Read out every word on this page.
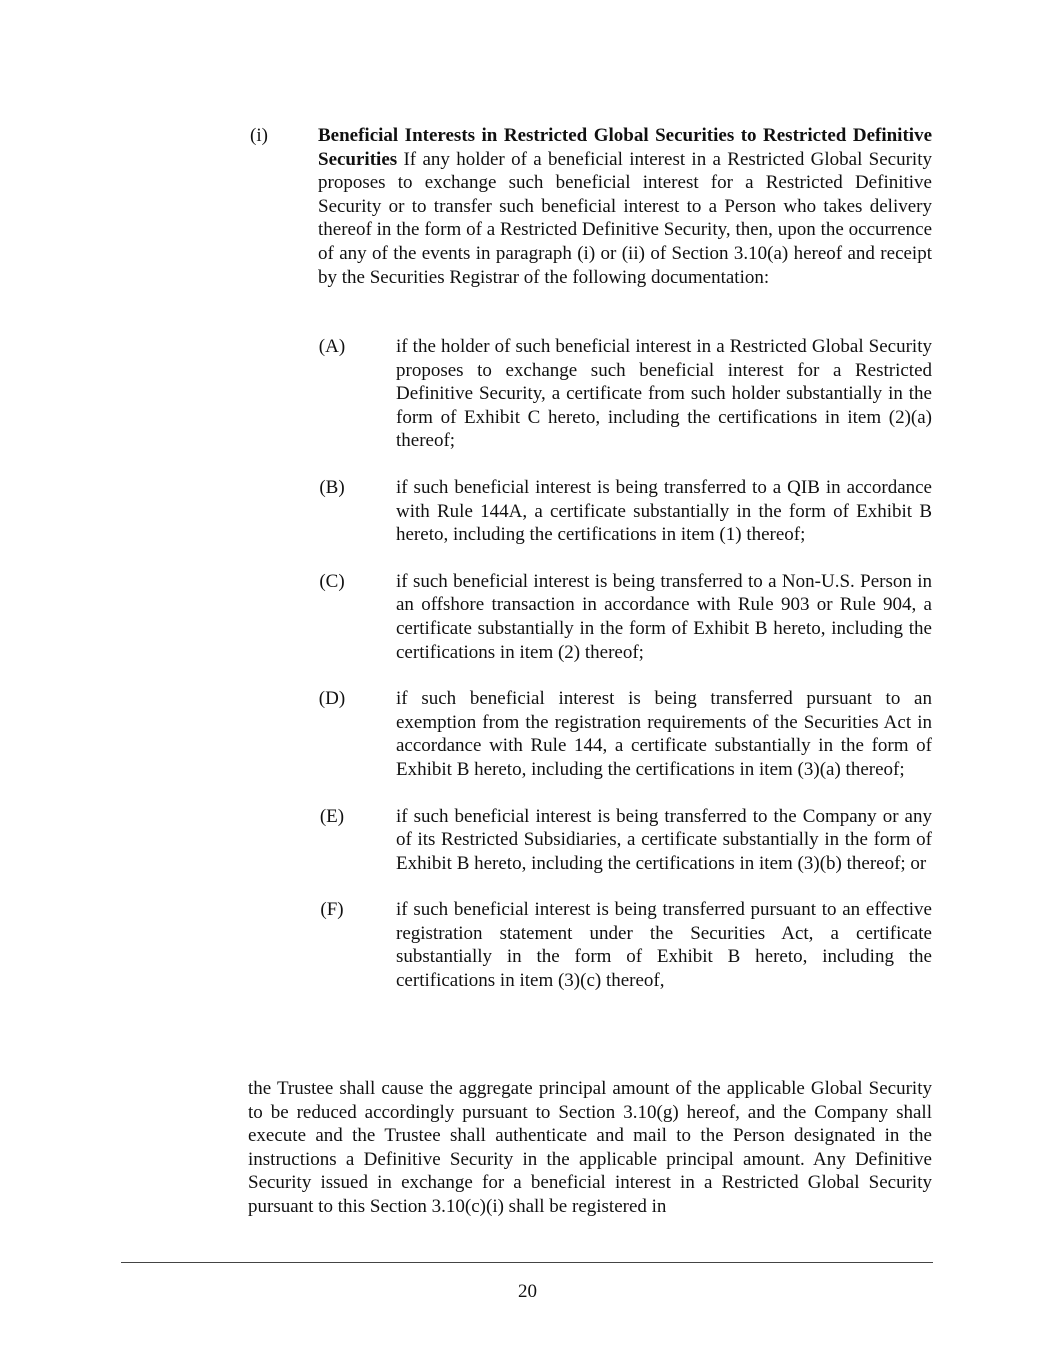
(i)	Beneficial Interests in Restricted Global Securities to Restricted Definitive Securities If any holder of a beneficial interest in a Restricted Global Security proposes to exchange such beneficial interest for a Restricted Definitive Security or to transfer such beneficial interest to a Person who takes delivery thereof in the form of a Restricted Definitive Security, then, upon the occurrence of any of the events in paragraph (i) or (ii) of Section 3.10(a) hereof and receipt by the Securities Registrar of the following documentation:
(A)	if the holder of such beneficial interest in a Restricted Global Security proposes to exchange such beneficial interest for a Restricted Definitive Security, a certificate from such holder substantially in the form of Exhibit C hereto, including the certifications in item (2)(a) thereof;
(B)	if such beneficial interest is being transferred to a QIB in accordance with Rule 144A, a certificate substantially in the form of Exhibit B hereto, including the certifications in item (1) thereof;
(C)	if such beneficial interest is being transferred to a Non-U.S. Person in an offshore transaction in accordance with Rule 903 or Rule 904, a certificate substantially in the form of Exhibit B hereto, including the certifications in item (2) thereof;
(D)	if such beneficial interest is being transferred pursuant to an exemption from the registration requirements of the Securities Act in accordance with Rule 144, a certificate substantially in the form of Exhibit B hereto, including the certifications in item (3)(a) thereof;
(E)	if such beneficial interest is being transferred to the Company or any of its Restricted Subsidiaries, a certificate substantially in the form of Exhibit B hereto, including the certifications in item (3)(b) thereof; or
(F)	if such beneficial interest is being transferred pursuant to an effective registration statement under the Securities Act, a certificate substantially in the form of Exhibit B hereto, including the certifications in item (3)(c) thereof,
the Trustee shall cause the aggregate principal amount of the applicable Global Security to be reduced accordingly pursuant to Section 3.10(g) hereof, and the Company shall execute and the Trustee shall authenticate and mail to the Person designated in the instructions a Definitive Security in the applicable principal amount. Any Definitive Security issued in exchange for a beneficial interest in a Restricted Global Security pursuant to this Section 3.10(c)(i) shall be registered in
20
